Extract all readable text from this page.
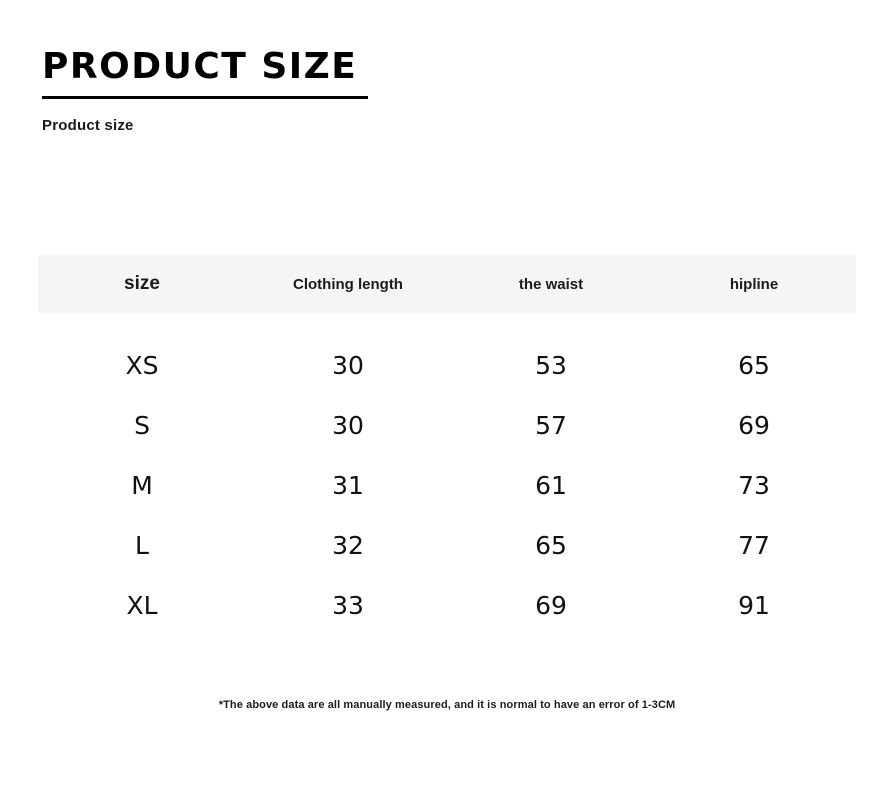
PRODUCT SIZE
Product size
size	Clothing length	the waist	hipline
XS	30	53	65
S	30	57	69
M	31	61	73
L	32	65	77
XL	33	69	91
*The above data are all manually measured, and it is normal to have an error of 1-3CM
